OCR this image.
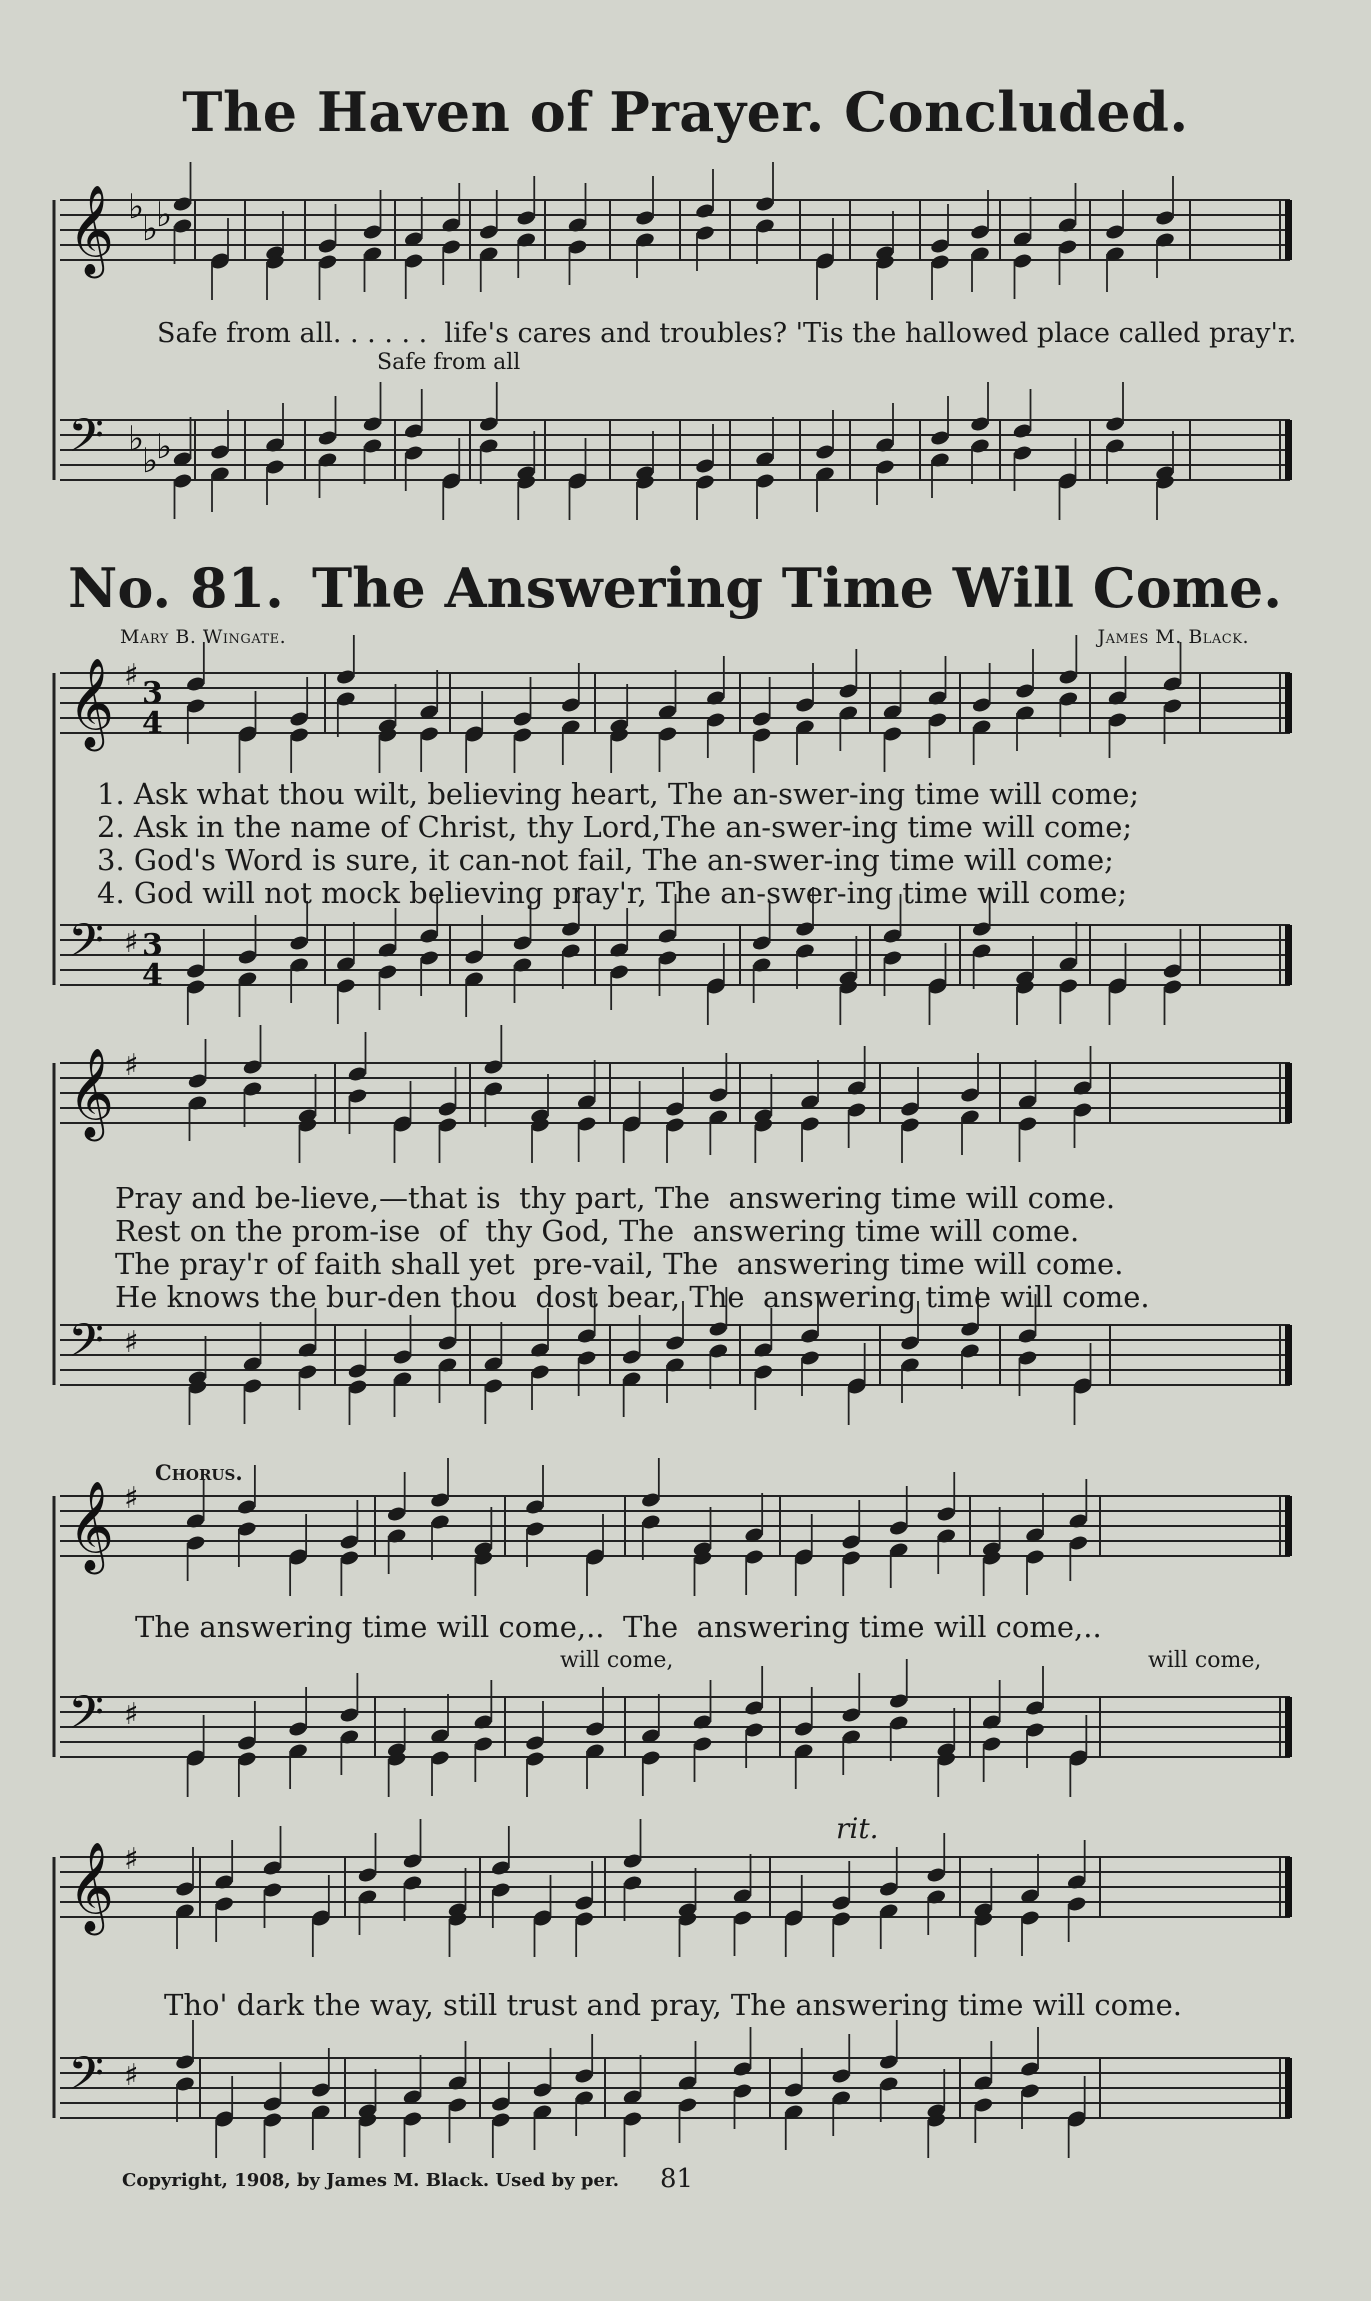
𝄞 ♭
♭
♭
𝄢 ♭
♭
♭
𝄞 ♯
𝄢 ♯
𝄞 ♯
𝄢 ♯
𝄞 ♯
𝄢 ♯
𝄞 ♯
𝄢 ♯
3
4
3
4
The Haven of Prayer. Concluded.
Safe from all. . . . . .  life's cares and troubles? 'Tis the hallowed place called pray'r.
Safe from all
No. 81. The Answering Time Will Come.
Mary B. Wingate.	James M. Black.
1. Ask what thou wilt, believing heart, The an-swer-ing time will come;
2. Ask in the name of Christ, thy Lord,The an-swer-ing time will come;
3. God's Word is sure, it can-not fail, The an-swer-ing time will come;
4. God will not mock believing pray'r, The an-swer-ing time will come;
Pray and be-lieve,—that is  thy part, The  answering time will come.
Rest on the prom-ise  of  thy God, The  answering time will come.
The pray'r of faith shall yet  pre-vail, The  answering time will come.
He knows the bur-den thou  dost bear, The  answering time will come.
Chorus.
The answering time will come,..  The  answering time will come,..
will come,	will come,
rit.
Tho' dark the way, still trust and pray, The answering time will come.
Copyright, 1908, by James M. Black. Used by per. 81
